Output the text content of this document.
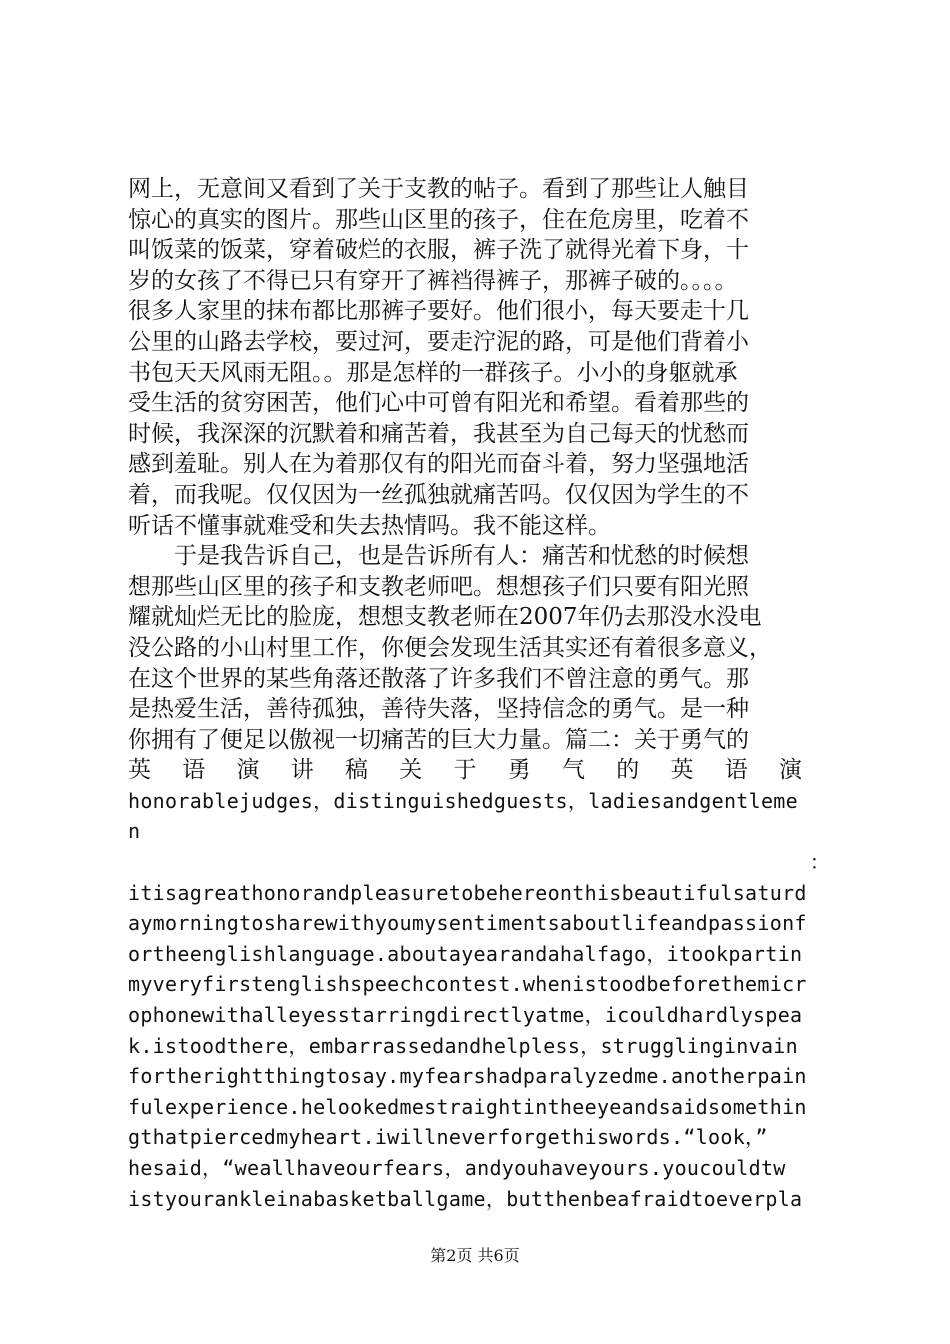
网上，无意间又看到了关于支教的帖子。看到了那些让人触目
惊心的真实的图片。那些山区里的孩子，住在危房里，吃着不
叫饭菜的饭菜，穿着破烂的衣服，裤子洗了就得光着下身，十
岁的女孩了不得已只有穿开了裤裆得裤子，那裤子破的。。。。
很多人家里的抹布都比那裤子要好。他们很小，每天要走十几
公里的山路去学校，要过河，要走泞泥的路，可是他们背着小
书包天天风雨无阻。。那是怎样的一群孩子。小小的身躯就承
受生活的贫穷困苦，他们心中可曾有阳光和希望。看着那些的
时候，我深深的沉默着和痛苦着，我甚至为自己每天的忧愁而
感到羞耻。别人在为着那仅有的阳光而奋斗着，努力坚强地活
着，而我呢。仅仅因为一丝孤独就痛苦吗。仅仅因为学生的不
听话不懂事就难受和失去热情吗。我不能这样。
　　于是我告诉自己，也是告诉所有人：痛苦和忧愁的时候想
想那些山区里的孩子和支教老师吧。想想孩子们只要有阳光照
耀就灿烂无比的脸庞，想想支教老师在2007年仍去那没水没电
没公路的小山村里工作，你便会发现生活其实还有着很多意义，
在这个世界的某些角落还散落了许多我们不曾注意的勇气。那
是热爱生活，善待孤独，善待失落，坚持信念的勇气。是一种
你拥有了便足以傲视一切痛苦的巨大力量。篇二：关于勇气的
英语演讲稿关于勇气的英语演
honorablejudges，distinguishedguests，ladiesandgentleme
n
：
itisagreathonorandpleasuretobehereonthisbeautifulsaturd
aymorningtosharewithyoumysentimentsaboutlifeandpassionf
ortheenglishlanguage.aboutayearandahalfago，itookpartin
myveryfirstenglishspeechcontest.whenistoodbeforethemicr
ophonewithalleyesstarringdirectlyatme，icouldhardlyspea
k.istoodthere，embarrassedandhelpless，strugglinginvain
fortherightthingtosay.myfearshadparalyzedme.anotherpain
fulexperience.helookedmestraightintheeyeandsaidsomethin
gthatpiercedmyheart.iwillneverforgethiswords.“look，”
hesaid，“weallhaveourfears，andyouhaveyours.youcouldtw
istyourankleinabasketballgame，butthenbeafraidtoeverpla
第2页 共6页
